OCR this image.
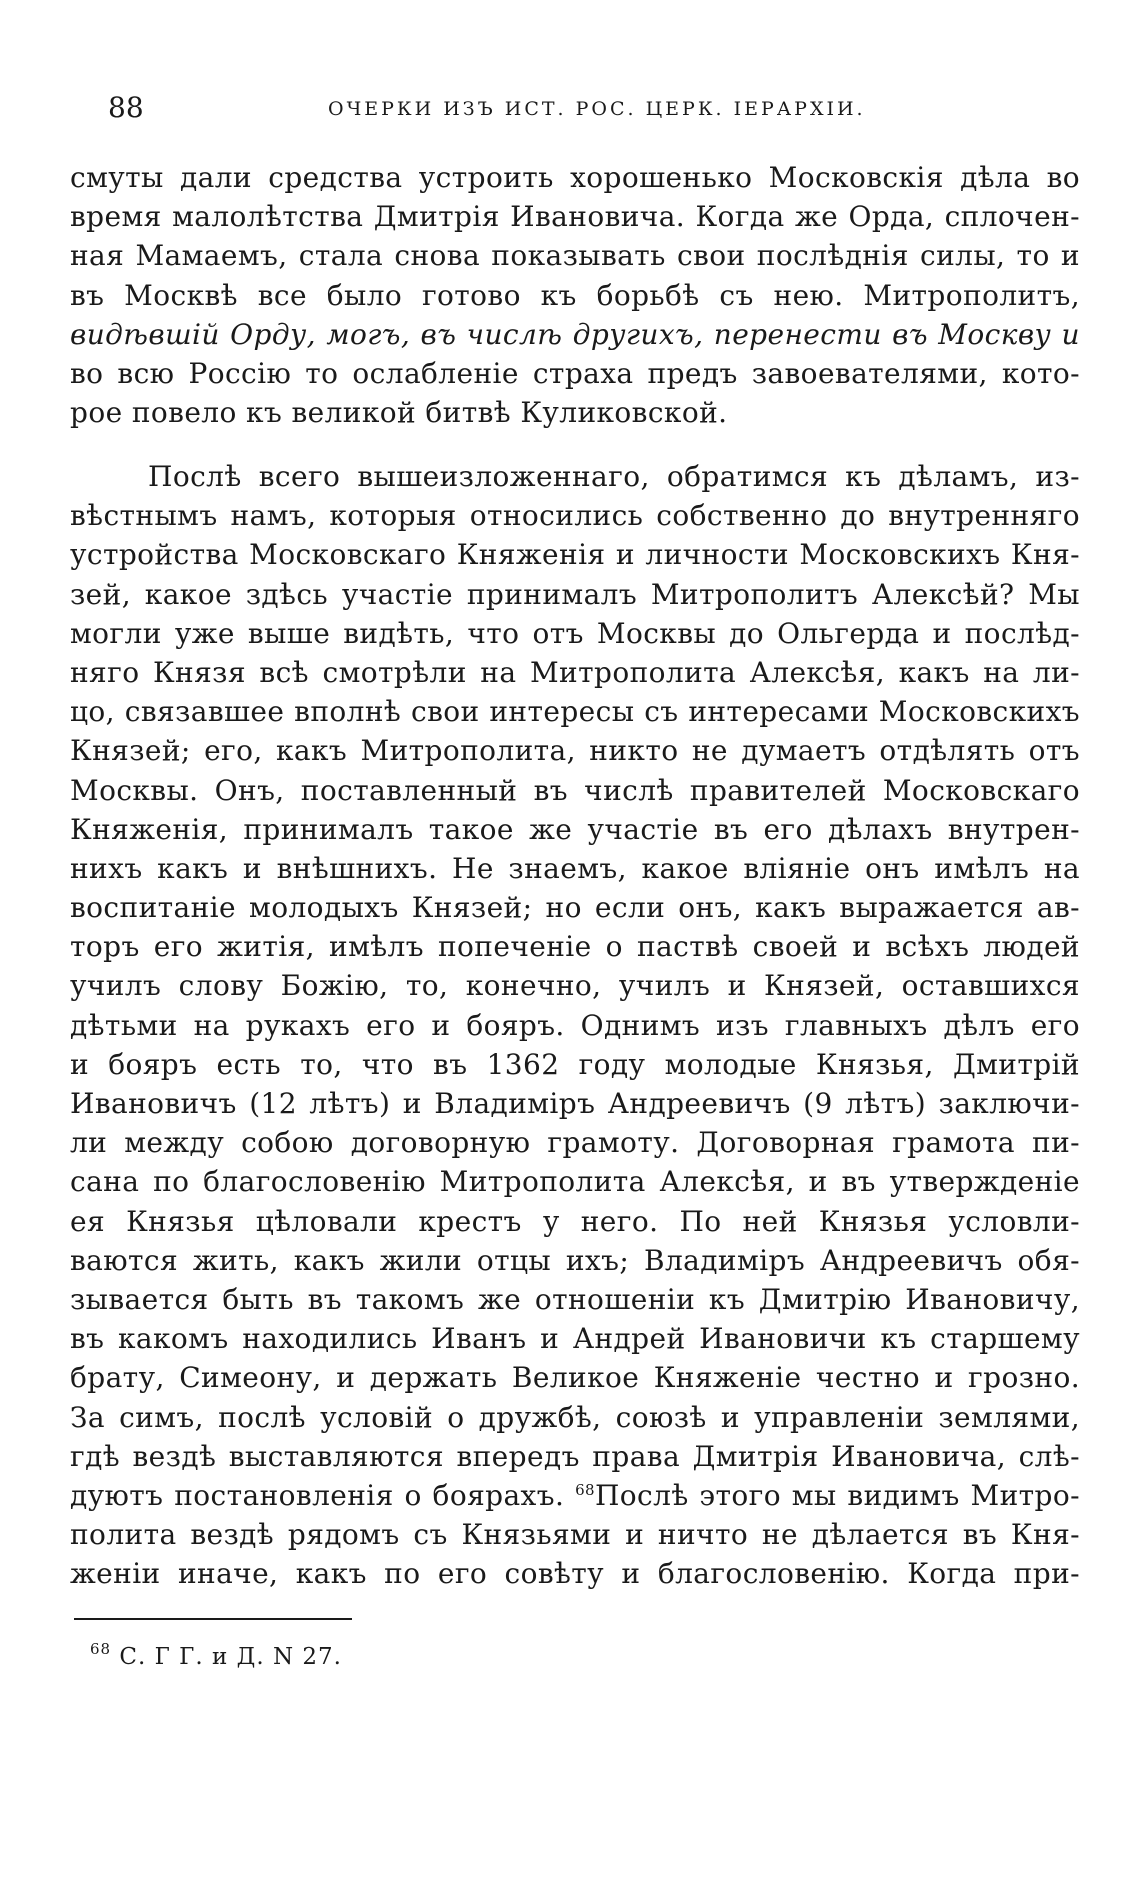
88	ОЧЕРКИ ИЗЪ ИСТ. РОС. ЦЕРК. ІЕРАРХІИ.
смуты дали средства устроить хорошенько Московскія дѣла во
время малолѣтства Дмитрія Ивановича. Когда же Орда, сплочен-
ная Мамаемъ, стала снова показывать свои послѣднія силы, то и
въ Москвѣ все было готово къ борьбѣ съ нею. Митрополитъ,
видѣвшій Орду, могъ, въ числѣ другихъ, перенести въ Москву и
во всю Россію то ослабленіе страха предъ завоевателями, кото-
рое повело къ великой битвѣ Куликовской.
Послѣ всего вышеизложеннаго, обратимся къ дѣламъ, из-
вѣстнымъ намъ, которыя относились собственно до внутренняго
устройства Московскаго Княженія и личности Московскихъ Кня-
зей, какое здѣсь участіе принималъ Митрополитъ Алексѣй? Мы
могли уже выше видѣть, что отъ Москвы до Ольгерда и послѣд-
няго Князя всѣ смотрѣли на Митрополита Алексѣя, какъ на ли-
цо, связавшее вполнѣ свои интересы съ интересами Московскихъ
Князей; его, какъ Митрополита, никто не думаетъ отдѣлять отъ
Москвы. Онъ, поставленный въ числѣ правителей Московскаго
Княженія, принималъ такое же участіе въ его дѣлахъ внутрен-
нихъ какъ и внѣшнихъ. Не знаемъ, какое вліяніе онъ имѣлъ на
воспитаніе молодыхъ Князей; но если онъ, какъ выражается ав-
торъ его житія, имѣлъ попеченіе о паствѣ своей и всѣхъ людей
училъ слову Божію, то, конечно, училъ и Князей, оставшихся
дѣтьми на рукахъ его и бояръ. Однимъ изъ главныхъ дѣлъ его
и бояръ есть то, что въ 1362 году молодые Князья, Дмитрій
Ивановичъ (12 лѣтъ) и Владиміръ Андреевичъ (9 лѣтъ) заключи-
ли между собою договорную грамоту. Договорная грамота пи-
сана по благословенію Митрополита Алексѣя, и въ утвержденіе
ея Князья цѣловали крестъ у него. По ней Князья условли-
ваются жить, какъ жили отцы ихъ; Владиміръ Андреевичъ обя-
зывается быть въ такомъ же отношеніи къ Дмитрію Ивановичу,
въ какомъ находились Иванъ и Андрей Ивановичи къ старшему
брату, Симеону, и держать Великое Княженіе честно и грозно.
За симъ, послѣ условій о дружбѣ, союзѣ и управленіи землями,
гдѣ вездѣ выставляются впередъ права Дмитрія Ивановича, слѣ-
дуютъ постановленія о боярахъ. $^{68}$Послѣ этого мы видимъ Митро-
полита вездѣ рядомъ съ Князьями и ничто не дѣлается въ Кня-
женіи иначе, какъ по его совѣту и благословенію. Когда при-
$^{68}$ С. Г Г. и Д. N 27.
